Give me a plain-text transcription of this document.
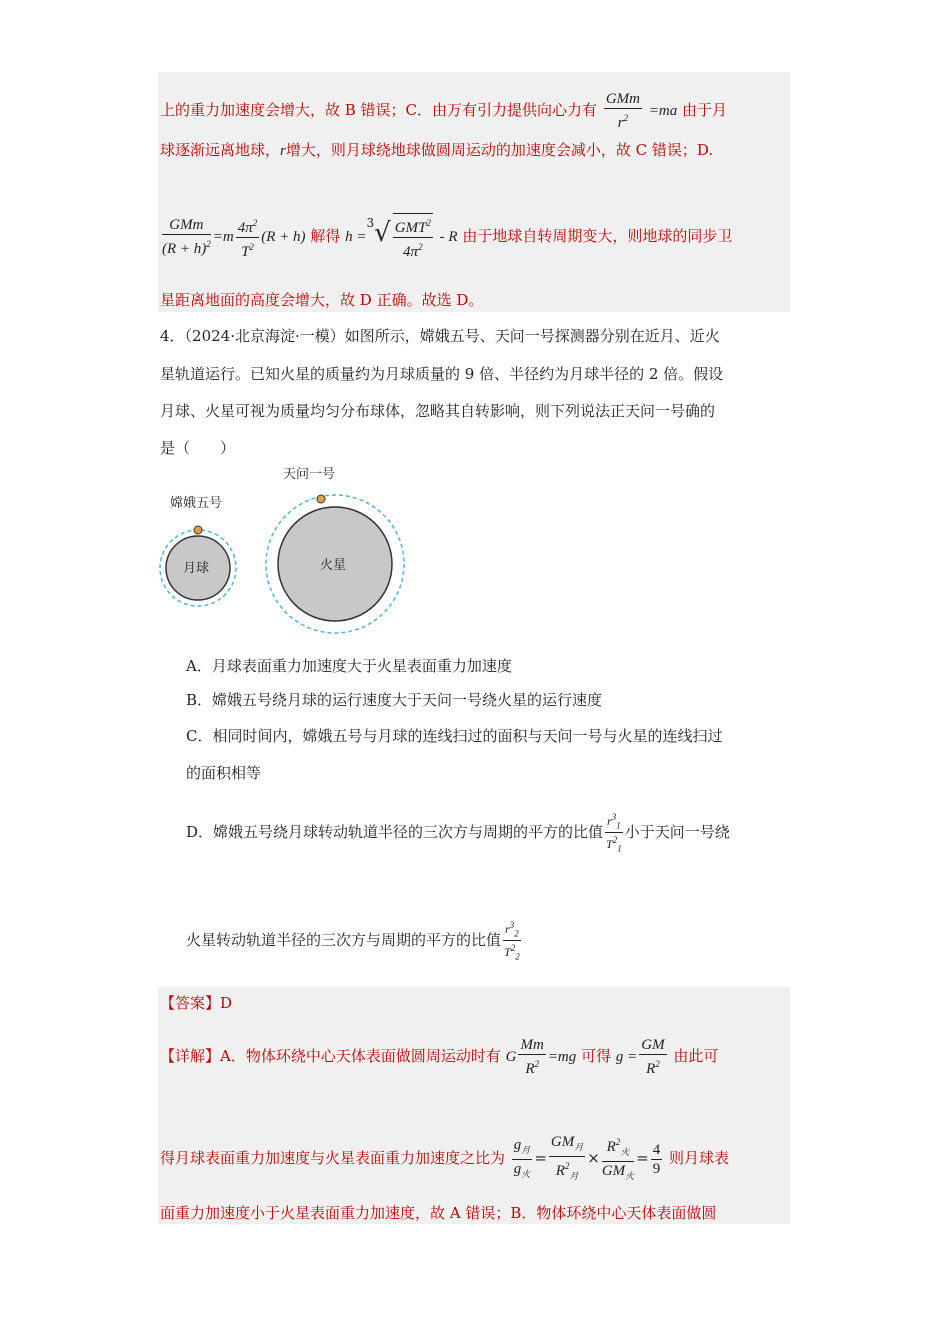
上的重力加速度会增大，故 B 错误；C．由万有引力提供向心力有 $\frac{\text{GMm}}{r^2} =ma$ 由于月
球逐渐远离地球，r增大，则月球绕地球做圆周运动的加速度会减小，故 C 错误；D.
$\frac{\text{GMm}}{(R + h)^2} =m \frac{4\pi^2}{T^2} (R + h)$ 解得 $h =^3√ \frac{GMT^2}{4\pi^2} - R$ 由于地球自转周期变大，则地球的同步卫
星距离地面的高度会增大，故 D 正确。故选 D。
4．（2024·北京海淀·一模）如图所示，嫦娥五号、天问一号探测器分别在近月、近火
星轨道运行。已知火星的质量约为月球质量的 9 倍、半径约为月球半径的 2 倍。假设
月球、火星可视为质量均匀分布球体，忽略其自转影响，则下列说法正天问一号确的
是（　　）
嫦娥五号
月球
天问一号
火星
A．月球表面重力加速度大于火星表面重力加速度
B．嫦娥五号绕月球的运行速度大于天问一号绕火星的运行速度
C．相同时间内，嫦娥五号与月球的连线扫过的面积与天问一号与火星的连线扫过
的面积相等
D．嫦娥五号绕月球转动轨道半径的三次方与周期的平方的比值 $\frac{r^3_1}{T^2_1}$ 小于天问一号绕
火星转动轨道半径的三次方与周期的平方的比值 $\frac{r^3_2}{T^2_2}$
【答案】D
【详解】A．物体环绕中心天体表面做圆周运动时有 G $\frac{Mm}{R^2} =mg$ 可得 $g = \frac{GM}{R^2}$ 由此可
得月球表面重力加速度与火星表面重力加速度之比为 $\frac{g_月}{g_火} = \frac{GM_月}{R^2_月} \times \frac{R^2_火}{GM_火} = \frac{4}{9}$ 则月球表
面重力加速度小于火星表面重力加速度，故 A 错误；B．物体环绕中心天体表面做圆
